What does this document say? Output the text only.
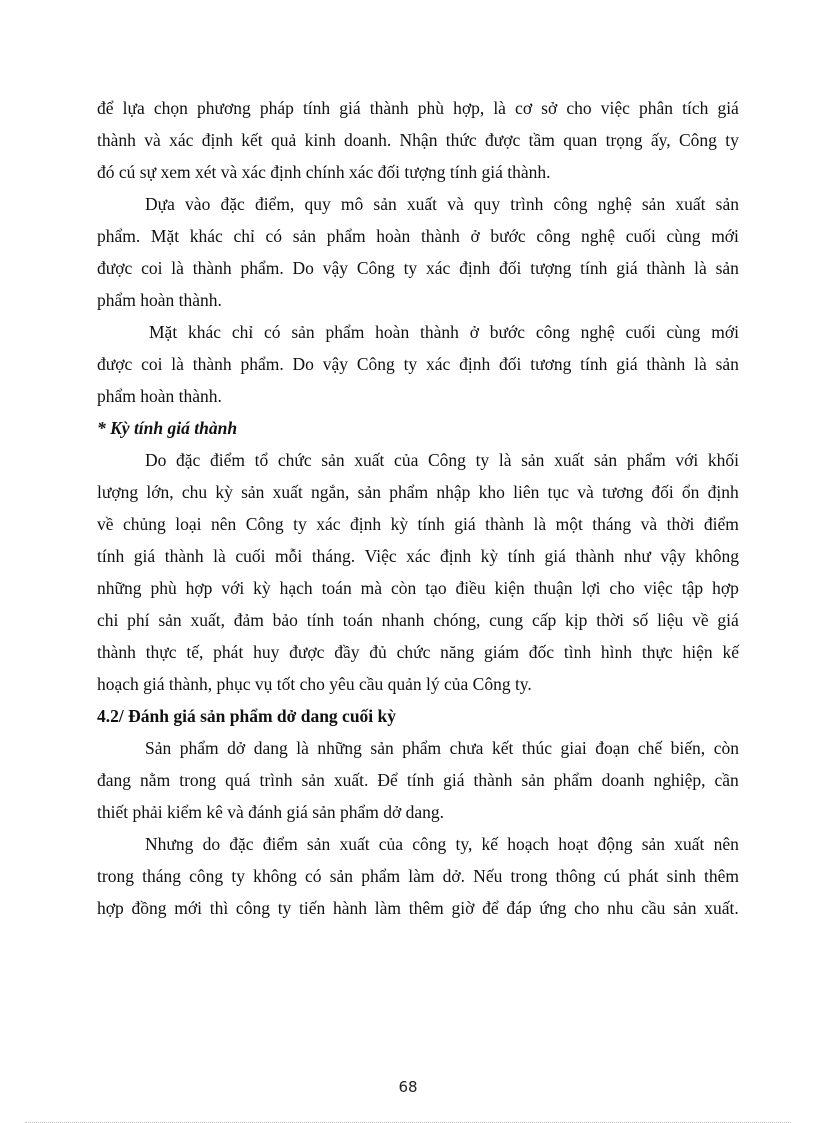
để lựa chọn phương pháp tính giá thành phù hợp, là cơ sở cho việc phân tích giá
thành và xác định kết quả kinh doanh. Nhận thức được tầm quan trọng ấy, Công ty
đó cú sự xem xét và xác định chính xác đối tượng tính giá thành.
Dựa vào đặc điểm, quy mô sản xuất và quy trình công nghệ sản xuất sản
phẩm. Mặt khác chỉ có sản phẩm hoàn thành ở bước công nghệ cuối cùng mới
được coi là thành phẩm. Do vậy Công ty xác định đối tượng tính giá thành là sản
phẩm hoàn thành.
Mặt khác chỉ có sản phẩm hoàn thành ở bước công nghệ cuối cùng mới
được coi là thành phẩm. Do vậy Công ty xác định đối tương tính giá thành là sản
phẩm hoàn thành.
* Kỳ tính giá thành
Do đặc điểm tổ chức sản xuất của Công ty là sản xuất sản phẩm với khối
lượng lớn, chu kỳ sản xuất ngắn, sản phẩm nhập kho liên tục và tương đối ổn định
về chủng loại nên Công ty xác định kỳ tính giá thành là một tháng và thời điểm
tính giá thành là cuối mỗi tháng. Việc xác định kỳ tính giá thành như vậy không
những phù hợp với kỳ hạch toán mà còn tạo điều kiện thuận lợi cho việc tập hợp
chi phí sản xuất, đảm bảo tính toán nhanh chóng, cung cấp kịp thời số liệu về giá
thành thực tế, phát huy được đầy đủ chức năng giám đốc tình hình thực hiện kế
hoạch giá thành, phục vụ tốt cho yêu cầu quản lý của Công ty.
4.2/ Đánh giá sản phẩm dở dang cuối kỳ
Sản phẩm dở dang là những sản phẩm chưa kết thúc giai đoạn chế biến, còn
đang nằm trong quá trình sản xuất. Để tính giá thành sản phẩm doanh nghiệp, cần
thiết phải kiểm kê và đánh giá sản phẩm dở dang.
Nhưng do đặc điểm sản xuất của công ty, kế hoạch hoạt động sản xuất nên
trong tháng công ty không có sản phẩm làm dở. Nếu trong thông cú phát sinh thêm
hợp đồng mới thì công ty tiến hành làm thêm giờ để đáp ứng cho nhu cầu sản xuất.
68
